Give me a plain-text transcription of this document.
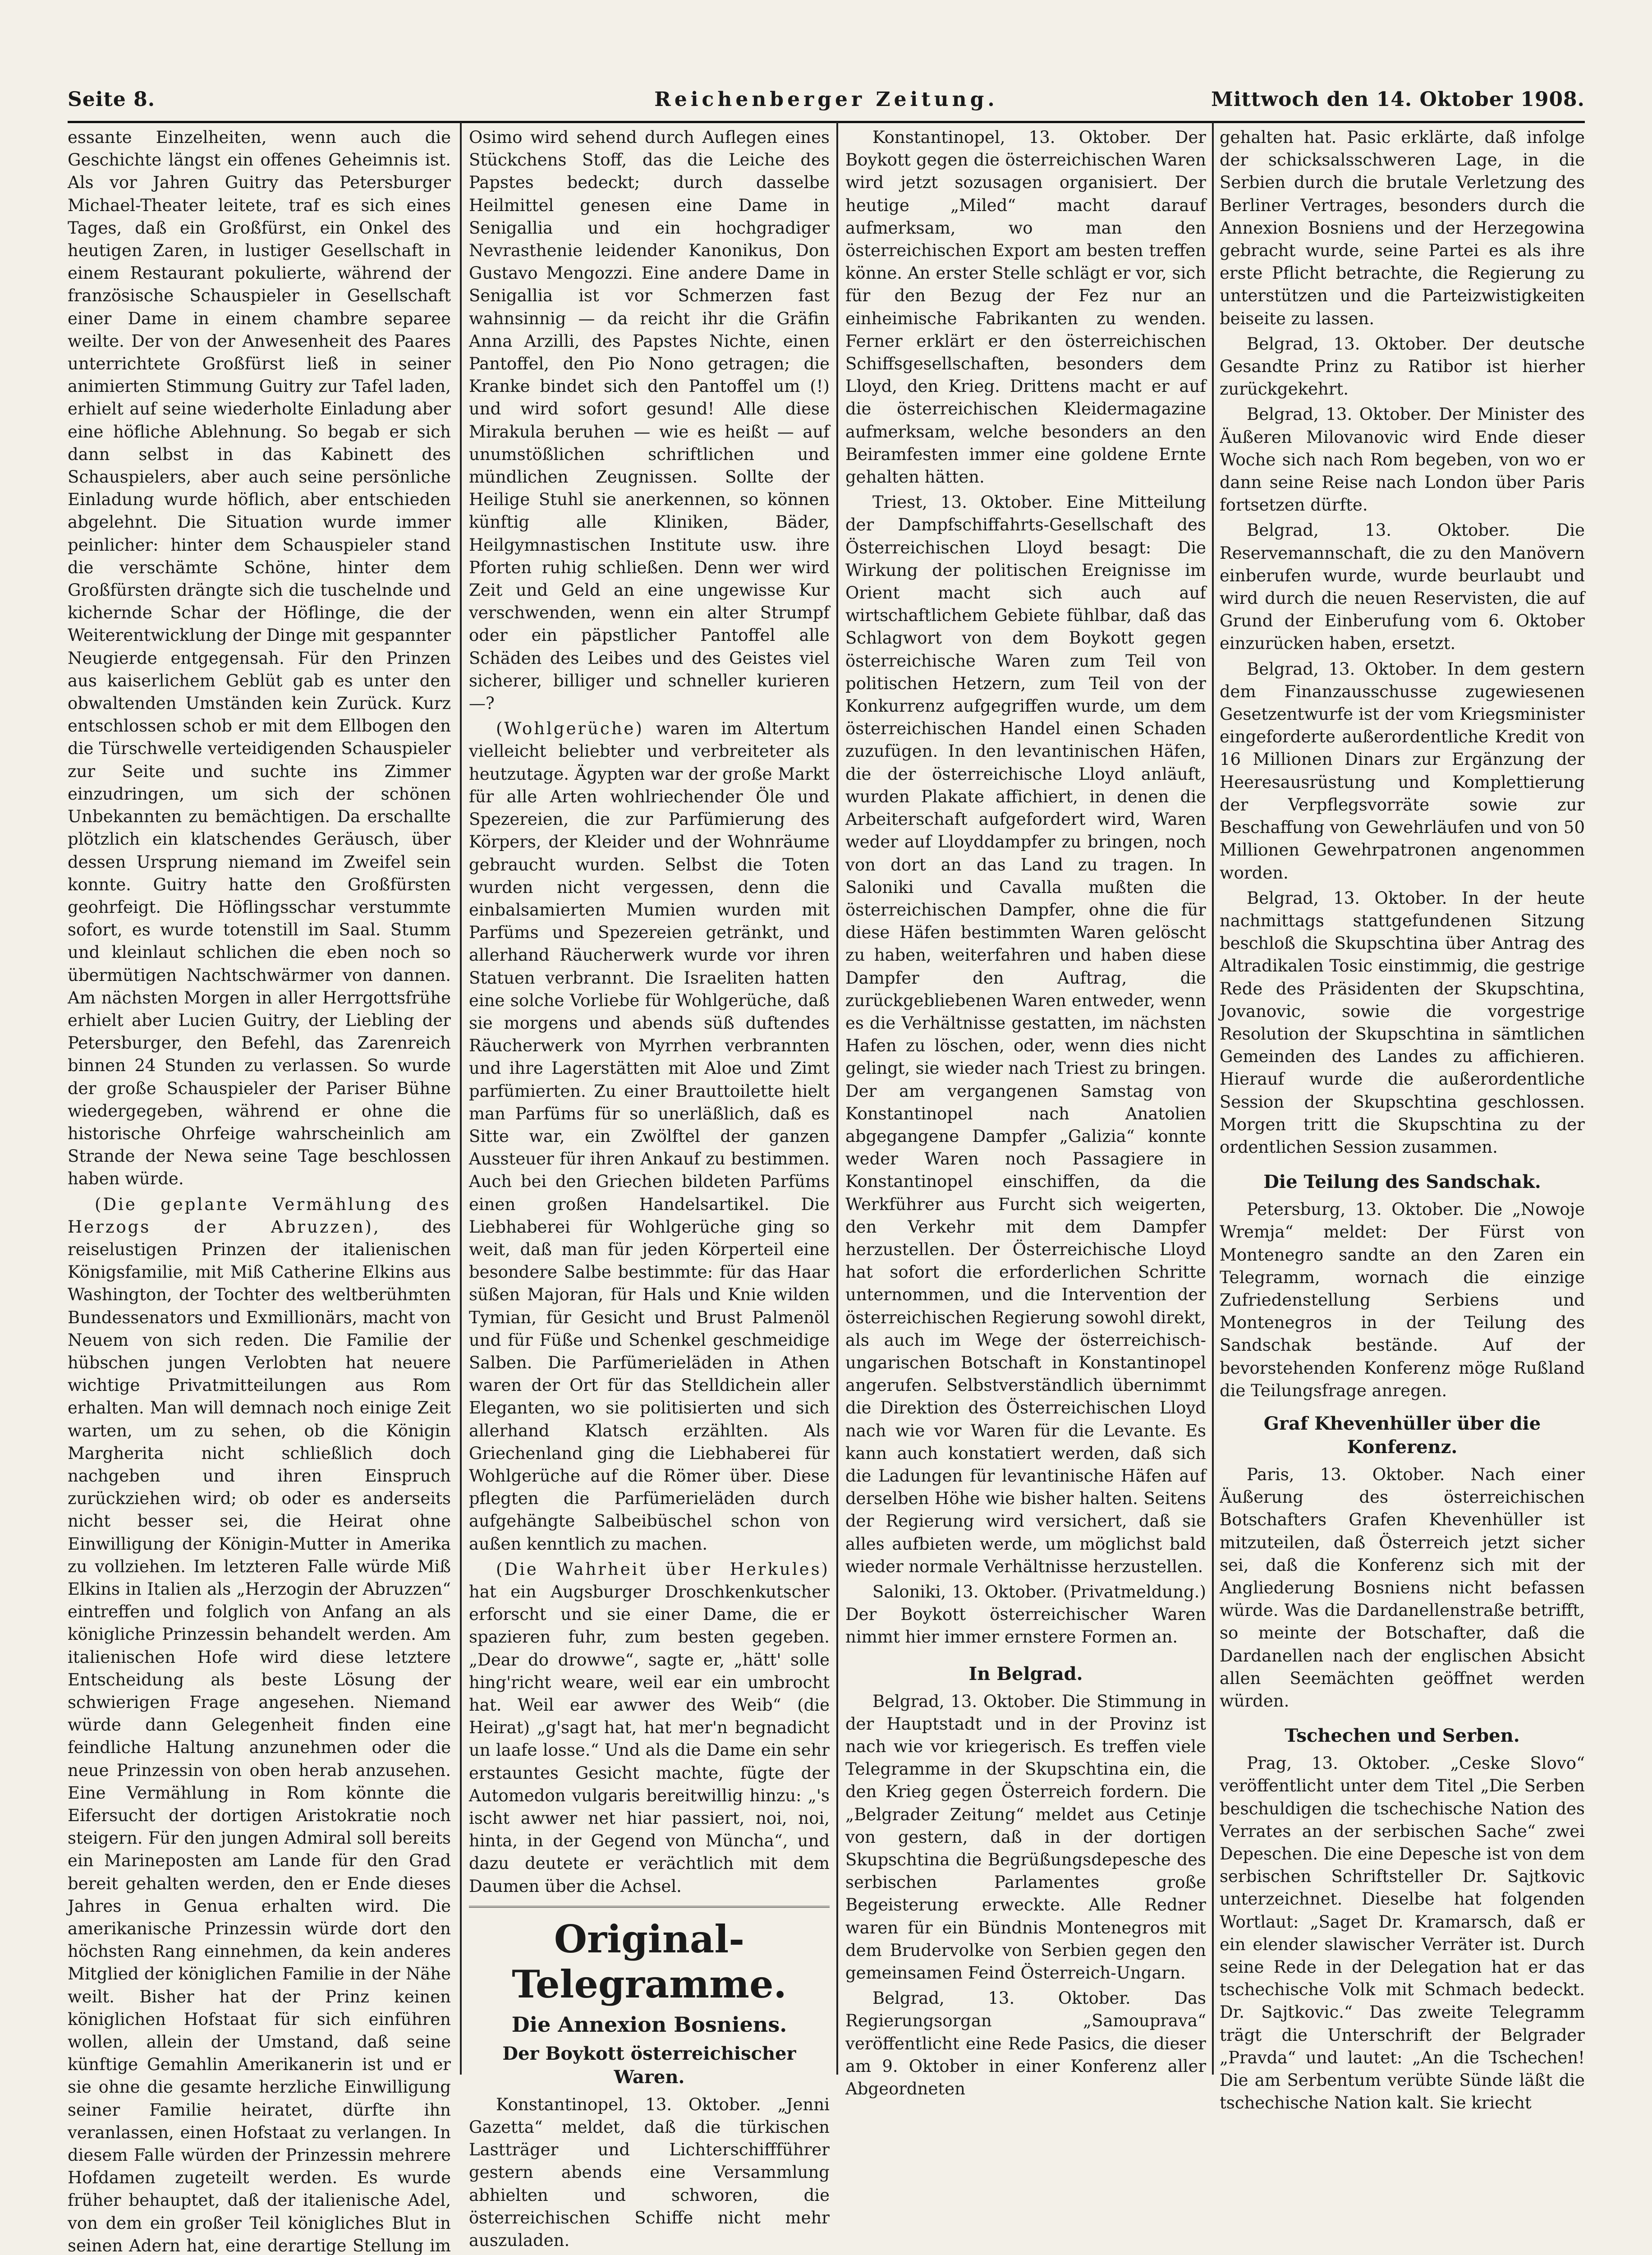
Reichenberger Zeitung.
Seite 8.	Mittwoch den 14. Oktober 1908.

essante Einzelheiten, wenn auch die Geschichte längst ein offenes Geheimnis ist. Als vor Jahren Guitry das Petersburger Michael-Theater leitete, traf es sich eines Tages, daß ein Großfürst, ein Onkel des heutigen Zaren, in lustiger Gesellschaft in einem Restaurant pokulierte, während der französische Schauspieler in Gesellschaft einer Dame in einem chambre separee weilte. Der von der Anwesenheit des Paares unterrichtete Großfürst ließ in seiner animierten Stimmung Guitry zur Tafel laden, erhielt auf seine wiederholte Einladung aber eine höfliche Ablehnung. So begab er sich dann selbst in das Kabinett des Schauspielers, aber auch seine persönliche Einladung wurde höflich, aber entschieden abgelehnt. Die Situation wurde immer peinlicher: hinter dem Schauspieler stand die verschämte Schöne, hinter dem Großfürsten drängte sich die tuschelnde und kichernde Schar der Höflinge, die der Weiterentwicklung der Dinge mit gespannter Neugierde entgegensah. Für den Prinzen aus kaiserlichem Geblüt gab es unter den obwaltenden Umständen kein Zurück. Kurz entschlossen schob er mit dem Ellbogen den die Türschwelle verteidigenden Schauspieler zur Seite und suchte ins Zimmer einzudringen, um sich der schönen Unbekannten zu bemächtigen. Da erschallte plötzlich ein klatschendes Geräusch, über dessen Ursprung niemand im Zweifel sein konnte. Guitry hatte den Großfürsten geohrfeigt. Die Höflingsschar verstummte sofort, es wurde totenstill im Saal. Stumm und kleinlaut schlichen die eben noch so übermütigen Nachtschwärmer von dannen. Am nächsten Morgen in aller Herrgottsfrühe erhielt aber Lucien Guitry, der Liebling der Petersburger, den Befehl, das Zarenreich binnen 24 Stunden zu verlassen. So wurde der große Schauspieler der Pariser Bühne wiedergegeben, während er ohne die historische Ohrfeige wahrscheinlich am Strande der Newa seine Tage beschlossen haben würde.

(Die geplante Vermählung des Herzogs der Abruzzen), des reiselustigen Prinzen der italienischen Königsfamilie, mit Miß Catherine Elkins aus Washington, der Tochter des weltberühmten Bundessenators und Exmillionärs, macht von Neuem von sich reden. Die Familie der hübschen jungen Verlobten hat neuere wichtige Privatmitteilungen aus Rom erhalten. Man will demnach noch einige Zeit warten, um zu sehen, ob die Königin Margherita nicht schließlich doch nachgeben und ihren Einspruch zurückziehen wird; ob oder es anderseits nicht besser sei, die Heirat ohne Einwilligung der Königin-Mutter in Amerika zu vollziehen. Im letzteren Falle würde Miß Elkins in Italien als „Herzogin der Abruzzen“ eintreffen und folglich von Anfang an als königliche Prinzessin behandelt werden. Am italienischen Hofe wird diese letztere Entscheidung als beste Lösung der schwierigen Frage angesehen. Niemand würde dann Gelegenheit finden eine feindliche Haltung anzunehmen oder die neue Prinzessin von oben herab anzusehen. Eine Vermählung in Rom könnte die Eifersucht der dortigen Aristokratie noch steigern. Für den jungen Admiral soll bereits ein Marineposten am Lande für den Grad bereit gehalten werden, den er Ende dieses Jahres in Genua erhalten wird. Die amerikanische Prinzessin würde dort den höchsten Rang einnehmen, da kein anderes Mitglied der königlichen Familie in der Nähe weilt. Bisher hat der Prinz keinen königlichen Hofstaat für sich einführen wollen, allein der Umstand, daß seine künftige Gemahlin Amerikanerin ist und er sie ohne die gesamte herzliche Einwilligung seiner Familie heiratet, dürfte ihn veranlassen, einen Hofstaat zu verlangen. In diesem Falle würden der Prinzessin mehrere Hofdamen zugeteilt werden. Es wurde früher behauptet, daß der italienische Adel, von dem ein großer Teil königliches Blut in seinen Adern hat, eine derartige Stellung im

Osimo wird sehend durch Auflegen eines Stückchens Stoff, das die Leiche des Papstes bedeckt; durch dasselbe Heilmittel genesen eine Dame in Senigallia und ein hochgradiger Nevrasthenie leidender Kanonikus, Don Gustavo Mengozzi. Eine andere Dame in Senigallia ist vor Schmerzen fast wahnsinnig — da reicht ihr die Gräfin Anna Arzilli, des Papstes Nichte, einen Pantoffel, den Pio Nono getragen; die Kranke bindet sich den Pantoffel um (!) und wird sofort gesund! Alle diese Mirakula beruhen — wie es heißt — auf unumstößlichen schriftlichen und mündlichen Zeugnissen. Sollte der Heilige Stuhl sie anerkennen, so können künftig alle Kliniken, Bäder, Heilgymnastischen Institute usw. ihre Pforten ruhig schließen. Denn wer wird Zeit und Geld an eine ungewisse Kur verschwenden, wenn ein alter Strumpf oder ein päpstlicher Pantoffel alle Schäden des Leibes und des Geistes viel sicherer, billiger und schneller kurieren —?

(Wohlgerüche) waren im Altertum vielleicht beliebter und verbreiteter als heutzutage. Ägypten war der große Markt für alle Arten wohlriechender Öle und Spezereien, die zur Parfümierung des Körpers, der Kleider und der Wohnräume gebraucht wurden. Selbst die Toten wurden nicht vergessen, denn die einbalsamierten Mumien wurden mit Parfüms und Spezereien getränkt, und allerhand Räucherwerk wurde vor ihren Statuen verbrannt. Die Israeliten hatten eine solche Vorliebe für Wohlgerüche, daß sie morgens und abends süß duftendes Räucherwerk von Myrrhen verbrannten und ihre Lagerstätten mit Aloe und Zimt parfümierten. Zu einer Brauttoilette hielt man Parfüms für so unerläßlich, daß es Sitte war, ein Zwölftel der ganzen Aussteuer für ihren Ankauf zu bestimmen. Auch bei den Griechen bildeten Parfüms einen großen Handelsartikel. Die Liebhaberei für Wohlgerüche ging so weit, daß man für jeden Körperteil eine besondere Salbe bestimmte: für das Haar süßen Majoran, für Hals und Knie wilden Tymian, für Gesicht und Brust Palmenöl und für Füße und Schenkel geschmeidige Salben. Die Parfümerieläden in Athen waren der Ort für das Stelldichein aller Eleganten, wo sie politisierten und sich allerhand Klatsch erzählten. Als Griechenland ging die Liebhaberei für Wohlgerüche auf die Römer über. Diese pflegten die Parfümerieläden durch aufgehängte Salbeibüschel schon von außen kenntlich zu machen.

(Die Wahrheit über Herkules) hat ein Augsburger Droschkenkutscher erforscht und sie einer Dame, die er spazieren fuhr, zum besten gegeben. „Dear do drowwe“, sagte er, „hätt' solle hing'richt weare, weil ear ein umbrocht hat. Weil ear awwer des Weib“ (die Heirat) „g'sagt hat, hat mer'n begnadicht un laafe losse.“ Und als die Dame ein sehr erstauntes Gesicht machte, fügte der Automedon vulgaris bereitwillig hinzu: „'s ischt awwer net hiar passiert, noi, noi, hinta, in der Gegend von Müncha“, und dazu deutete er verächtlich mit dem Daumen über die Achsel.

Original-Telegramme.
Die Annexion Bosniens.
Der Boykott österreichischer Waren.

Konstantinopel, 13. Oktober. „Jenni Gazetta“ meldet, daß die türkischen Lastträger und Lichterschiffführer gestern abends eine Versammlung abhielten und schworen, die österreichischen Schiffe nicht mehr auszuladen.

Konstantinopel, 13. Oktober. Der Boykott gegen die österreichischen Waren wird jetzt sozusagen organisiert. Der heutige „Miled“ macht darauf aufmerksam, wo man den österreichischen Export am besten treffen könne. An erster Stelle schlägt er vor, sich für den Bezug der Fez nur an einheimische Fabrikanten zu wenden. Ferner erklärt er den österreichischen Schiffsgesellschaften, besonders dem Lloyd, den Krieg. Drittens macht er auf die österreichischen Kleidermagazine aufmerksam, welche besonders an den Beiramfesten immer eine goldene Ernte gehalten hätten.

Triest, 13. Oktober. Eine Mitteilung der Dampfschiffahrts-Gesellschaft des Österreichischen Lloyd besagt: Die Wirkung der politischen Ereignisse im Orient macht sich auch auf wirtschaftlichem Gebiete fühlbar, daß das Schlagwort von dem Boykott gegen österreichische Waren zum Teil von politischen Hetzern, zum Teil von der Konkurrenz aufgegriffen wurde, um dem österreichischen Handel einen Schaden zuzufügen. In den levantinischen Häfen, die der österreichische Lloyd anläuft, wurden Plakate affichiert, in denen die Arbeiterschaft aufgefordert wird, Waren weder auf Lloyddampfer zu bringen, noch von dort an das Land zu tragen. In Saloniki und Cavalla mußten die österreichischen Dampfer, ohne die für diese Häfen bestimmten Waren gelöscht zu haben, weiterfahren und haben diese Dampfer den Auftrag, die zurückgebliebenen Waren entweder, wenn es die Verhältnisse gestatten, im nächsten Hafen zu löschen, oder, wenn dies nicht gelingt, sie wieder nach Triest zu bringen. Der am vergangenen Samstag von Konstantinopel nach Anatolien abgegangene Dampfer „Galizia“ konnte weder Waren noch Passagiere in Konstantinopel einschiffen, da die Werkführer aus Furcht sich weigerten, den Verkehr mit dem Dampfer herzustellen. Der Österreichische Lloyd hat sofort die erforderlichen Schritte unternommen, und die Intervention der österreichischen Regierung sowohl direkt, als auch im Wege der österreichisch-ungarischen Botschaft in Konstantinopel angerufen. Selbstverständlich übernimmt die Direktion des Österreichischen Lloyd nach wie vor Waren für die Levante. Es kann auch konstatiert werden, daß sich die Ladungen für levantinische Häfen auf derselben Höhe wie bisher halten. Seitens der Regierung wird versichert, daß sie alles aufbieten werde, um möglichst bald wieder normale Verhältnisse herzustellen.

Saloniki, 13. Oktober. (Privatmeldung.) Der Boykott österreichischer Waren nimmt hier immer ernstere Formen an.

In Belgrad.

Belgrad, 13. Oktober. Die Stimmung in der Hauptstadt und in der Provinz ist nach wie vor kriegerisch. Es treffen viele Telegramme in der Skupschtina ein, die den Krieg gegen Österreich fordern. Die „Belgrader Zeitung“ meldet aus Cetinje von gestern, daß in der dortigen Skupschtina die Begrüßungsdepesche des serbischen Parlamentes große Begeisterung erweckte. Alle Redner waren für ein Bündnis Montenegros mit dem Brudervolke von Serbien gegen den gemeinsamen Feind Österreich-Ungarn.

Belgrad, 13. Oktober. Das Regierungsorgan „Samouprava“ veröffentlicht eine Rede Pasics, die dieser am 9. Oktober in einer Konferenz aller Abgeordneten

gehalten hat. Pasic erklärte, daß infolge der schicksalsschweren Lage, in die Serbien durch die brutale Verletzung des Berliner Vertrages, besonders durch die Annexion Bosniens und der Herzegowina gebracht wurde, seine Partei es als ihre erste Pflicht betrachte, die Regierung zu unterstützen und die Parteizwistigkeiten beiseite zu lassen.

Belgrad, 13. Oktober. Der deutsche Gesandte Prinz zu Ratibor ist hierher zurückgekehrt.

Belgrad, 13. Oktober. Der Minister des Äußeren Milovanovic wird Ende dieser Woche sich nach Rom begeben, von wo er dann seine Reise nach London über Paris fortsetzen dürfte.

Belgrad, 13. Oktober. Die Reservemannschaft, die zu den Manövern einberufen wurde, wurde beurlaubt und wird durch die neuen Reservisten, die auf Grund der Einberufung vom 6. Oktober einzurücken haben, ersetzt.

Belgrad, 13. Oktober. In dem gestern dem Finanzausschusse zugewiesenen Gesetzentwurfe ist der vom Kriegsminister eingeforderte außerordentliche Kredit von 16 Millionen Dinars zur Ergänzung der Heeresausrüstung und Komplettierung der Verpflegsvorräte sowie zur Beschaffung von Gewehrläufen und von 50 Millionen Gewehrpatronen angenommen worden.

Belgrad, 13. Oktober. In der heute nachmittags stattgefundenen Sitzung beschloß die Skupschtina über Antrag des Altradikalen Tosic einstimmig, die gestrige Rede des Präsidenten der Skupschtina, Jovanovic, sowie die vorgestrige Resolution der Skupschtina in sämtlichen Gemeinden des Landes zu affichieren. Hierauf wurde die außerordentliche Session der Skupschtina geschlossen. Morgen tritt die Skupschtina zu der ordentlichen Session zusammen.

Die Teilung des Sandschak.

Petersburg, 13. Oktober. Die „Nowoje Wremja“ meldet: Der Fürst von Montenegro sandte an den Zaren ein Telegramm, wornach die einzige Zufriedenstellung Serbiens und Montenegros in der Teilung des Sandschak bestände. Auf der bevorstehenden Konferenz möge Rußland die Teilungsfrage anregen.

Graf Khevenhüller über die Konferenz.

Paris, 13. Oktober. Nach einer Äußerung des österreichischen Botschafters Grafen Khevenhüller ist mitzuteilen, daß Österreich jetzt sicher sei, daß die Konferenz sich mit der Angliederung Bosniens nicht befassen würde. Was die Dardanellenstraße betrifft, so meinte der Botschafter, daß die Dardanellen nach der englischen Absicht allen Seemächten geöffnet werden würden.

Tschechen und Serben.

Prag, 13. Oktober. „Ceske Slovo“ veröffentlicht unter dem Titel „Die Serben beschuldigen die tschechische Nation des Verrates an der serbischen Sache“ zwei Depeschen. Die eine Depesche ist von dem serbischen Schriftsteller Dr. Sajtkovic unterzeichnet. Dieselbe hat folgenden Wortlaut: „Saget Dr. Kramarsch, daß er ein elender slawischer Verräter ist. Durch seine Rede in der Delegation hat er das tschechische Volk mit Schmach bedeckt. Dr. Sajtkovic.“ Das zweite Telegramm trägt die Unterschrift der Belgrader „Pravda“ und lautet: „An die Tschechen! Die am Serbentum verübte Sünde läßt die tschechische Nation kalt. Sie kriecht
